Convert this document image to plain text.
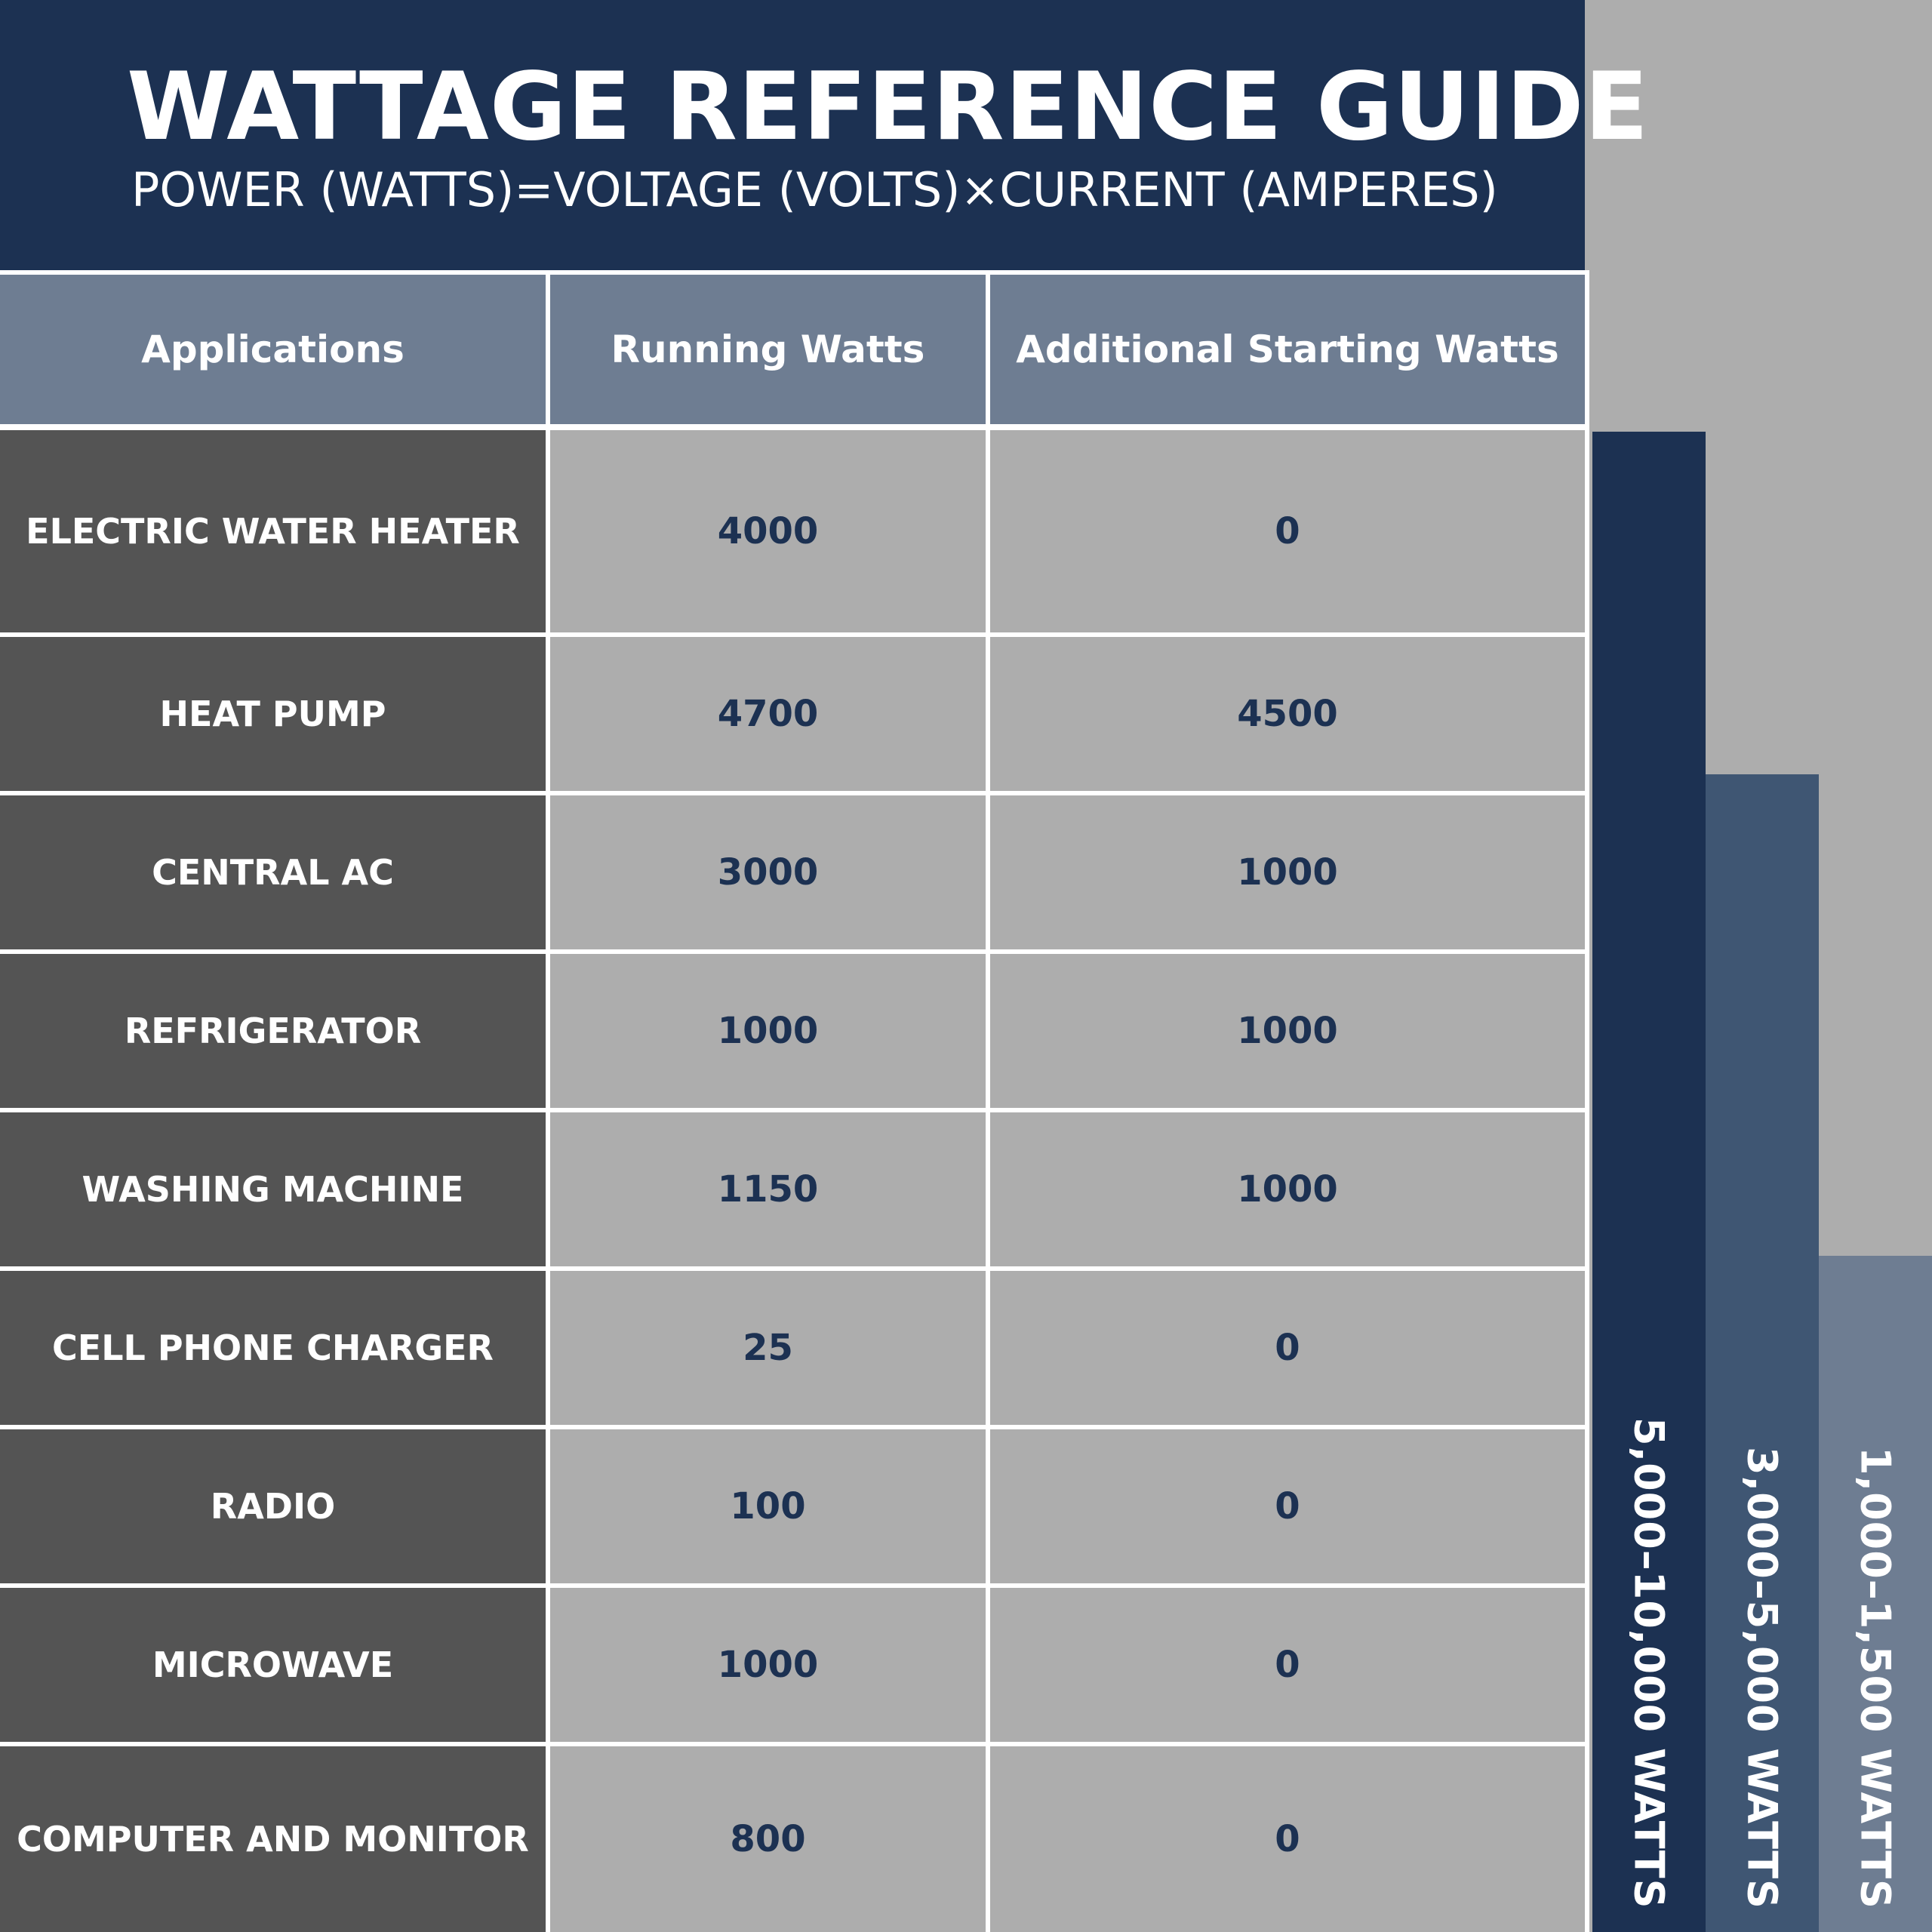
WATTAGE REFERENCE GUIDE
POWER (WATTS)=VOLTAGE (VOLTS)×CURRENT (AMPERES)
Applications	Running Watts	Additional Starting Watts
ELECTRIC WATER HEATER	4000	0
HEAT PUMP	4700	4500
CENTRAL AC	3000	1000
REFRIGERATOR	1000	1000
WASHING MACHINE	1150	1000
CELL PHONE CHARGER	25	0
RADIO	100	0
MICROWAVE	1000	0
COMPUTER AND MONITOR	800	0	5,000–10,000 WATTS 3,000–5,000 WATTS 1,000–1,500 WATTS
